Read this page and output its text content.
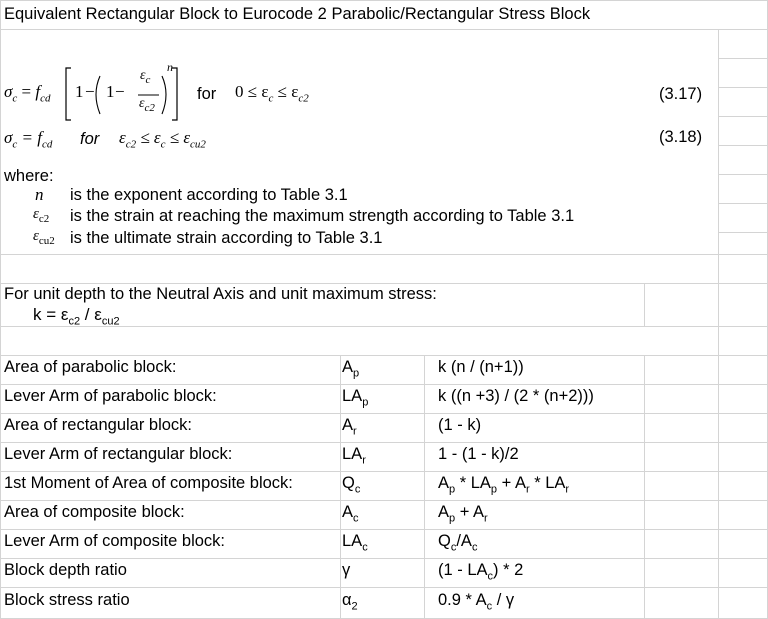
Equivalent Rectangular Block to Eurocode 2 Parabolic/Rectangular Stress Block
$\sigma_c = f_{cd}$ 1 − 1 −
$\varepsilon_c$
$\varepsilon_{c2}$
n
for $0 \le \varepsilon_c \le \varepsilon_{c2}$	(3.17)
$\sigma_c = f_{cd}$ for $\varepsilon_{c2} \le \varepsilon_c \le \varepsilon_{cu2}$	(3.18)
where:
n is the exponent according to Table 3.1
$\varepsilon_{c2}$ is the strain at reaching the maximum strength according to Table 3.1
$\varepsilon_{cu2}$ is the ultimate strain according to Table 3.1
For unit depth to the Neutral Axis and unit maximum stress:
$k = \varepsilon_{c2} / \varepsilon_{cu2}$
Area of parabolic block:	$A_p$	k (n / (n+1))
Lever Arm of parabolic block:	$LA_p$	k ((n +3) / (2 * (n+2)))
Area of rectangular block:	$A_r$	(1 - k)
Lever Arm of rectangular block:	$LA_r$	1 - (1 - k)/2
1st Moment of Area of composite block:	$Q_c$	$A_p * LA_p + A_r * LA_r$
Area of composite block:	$A_c$	$A_p + A_r$
Lever Arm of composite block:	$LA_c$	$Q_c/A_c$
Block depth ratio	γ	$(1 - LA_c) * 2$
Block stress ratio	$\alpha_2$	$0.9 * A_c$ / γ
